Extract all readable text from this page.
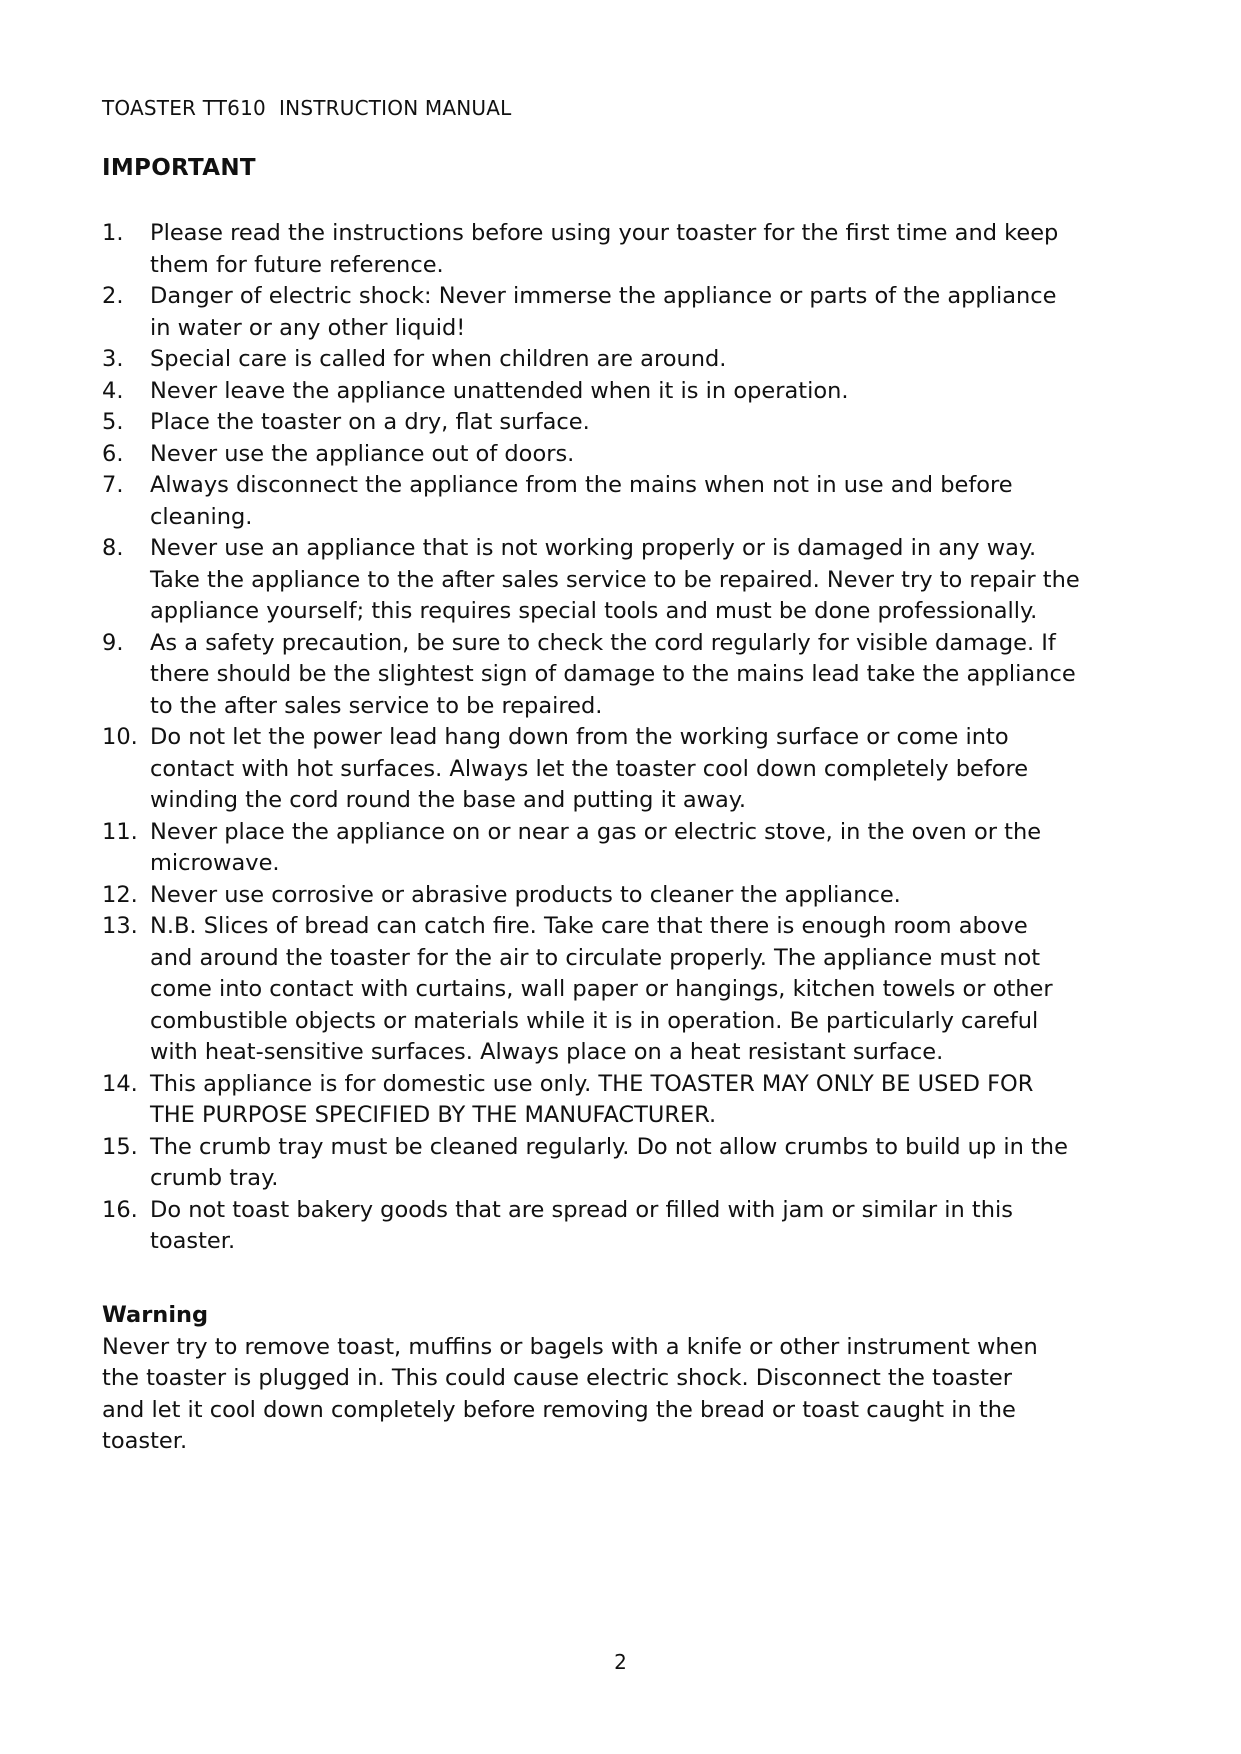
TOASTER TT610  INSTRUCTION MANUAL
IMPORTANT
1. Please read the instructions before using your toaster for the first time and keep
them for future reference.
2. Danger of electric shock: Never immerse the appliance or parts of the appliance
in water or any other liquid!
3. Special care is called for when children are around.
4. Never leave the appliance unattended when it is in operation.
5. Place the toaster on a dry, flat surface.
6. Never use the appliance out of doors.
7. Always disconnect the appliance from the mains when not in use and before
cleaning.
8. Never use an appliance that is not working properly or is damaged in any way.
Take the appliance to the after sales service to be repaired. Never try to repair the
appliance yourself; this requires special tools and must be done professionally.
9. As a safety precaution, be sure to check the cord regularly for visible damage. If
there should be the slightest sign of damage to the mains lead take the appliance
to the after sales service to be repaired.
10. Do not let the power lead hang down from the working surface or come into
contact with hot surfaces. Always let the toaster cool down completely before
winding the cord round the base and putting it away.
11. Never place the appliance on or near a gas or electric stove, in the oven or the
microwave.
12. Never use corrosive or abrasive products to cleaner the appliance.
13. N.B. Slices of bread can catch fire. Take care that there is enough room above
and around the toaster for the air to circulate properly. The appliance must not
come into contact with curtains, wall paper or hangings, kitchen towels or other
combustible objects or materials while it is in operation. Be particularly careful
with heat-sensitive surfaces. Always place on a heat resistant surface.
14. This appliance is for domestic use only. THE TOASTER MAY ONLY BE USED FOR
THE PURPOSE SPECIFIED BY THE MANUFACTURER.
15. The crumb tray must be cleaned regularly. Do not allow crumbs to build up in the
crumb tray.
16. Do not toast bakery goods that are spread or filled with jam or similar in this
toaster.
Warning
Never try to remove toast, muffins or bagels with a knife or other instrument when
the toaster is plugged in. This could cause electric shock. Disconnect the toaster
and let it cool down completely before removing the bread or toast caught in the
toaster.
2
